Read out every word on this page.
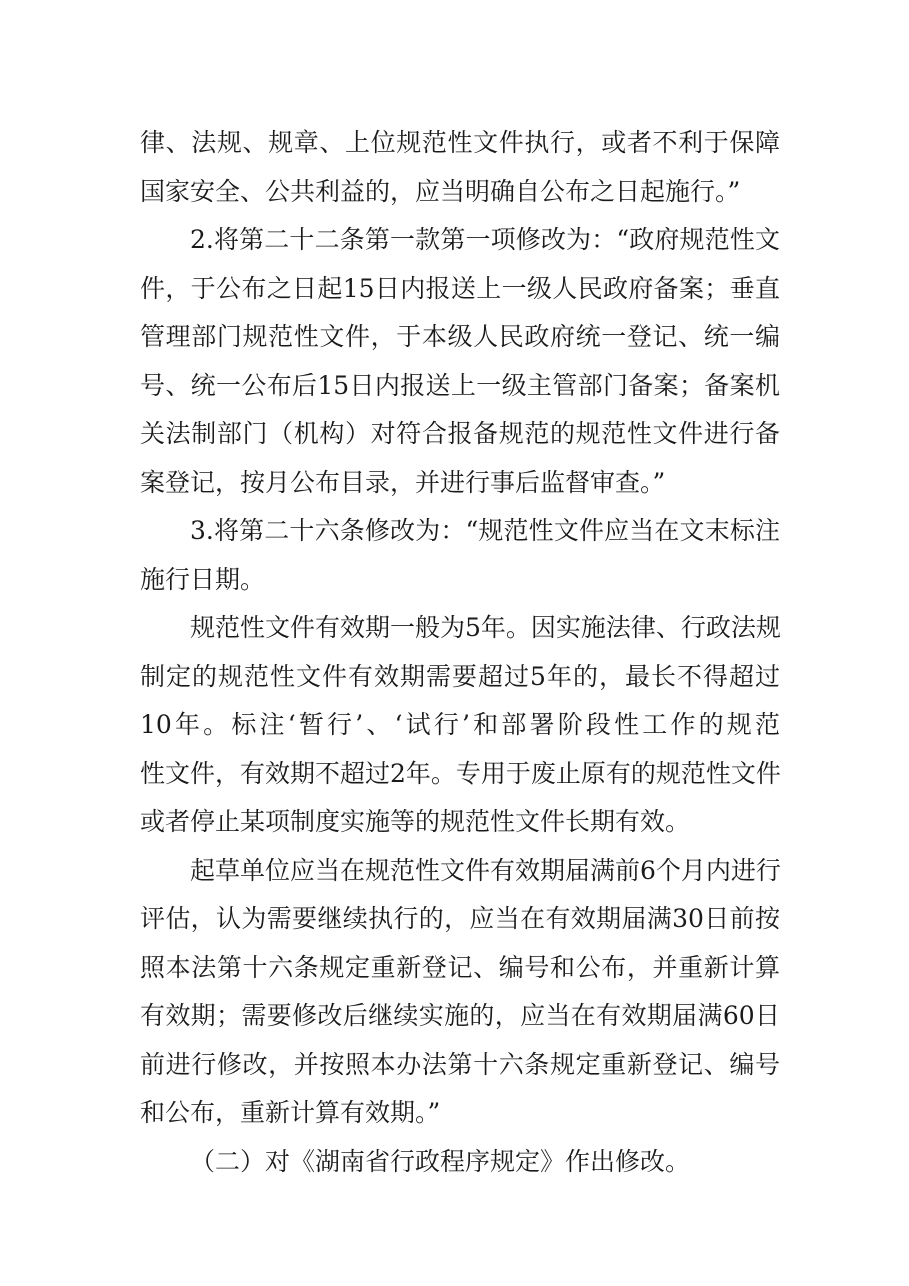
律、法规、规章、上位规范性文件执行，或者不利于保障
国家安全、公共利益的，应当明确自公布之日起施行。”
2.将第二十二条第一款第一项修改为：“政府规范性文
件，于公布之日起15日内报送上一级人民政府备案；垂直
管理部门规范性文件，于本级人民政府统一登记、统一编
号、统一公布后15日内报送上一级主管部门备案；备案机
关法制部门（机构）对符合报备规范的规范性文件进行备
案登记，按月公布目录，并进行事后监督审查。”
3.将第二十六条修改为：“规范性文件应当在文末标注
施行日期。
规范性文件有效期一般为5年。因实施法律、行政法规
制定的规范性文件有效期需要超过5年的，最长不得超过
10年。标注‘暂行’、‘试行’和部署阶段性工作的规范
性文件，有效期不超过2年。专用于废止原有的规范性文件
或者停止某项制度实施等的规范性文件长期有效。
起草单位应当在规范性文件有效期届满前6个月内进行
评估，认为需要继续执行的，应当在有效期届满30日前按
照本法第十六条规定重新登记、编号和公布，并重新计算
有效期；需要修改后继续实施的，应当在有效期届满60日
前进行修改，并按照本办法第十六条规定重新登记、编号
和公布，重新计算有效期。”
（二）对《湖南省行政程序规定》作出修改。
